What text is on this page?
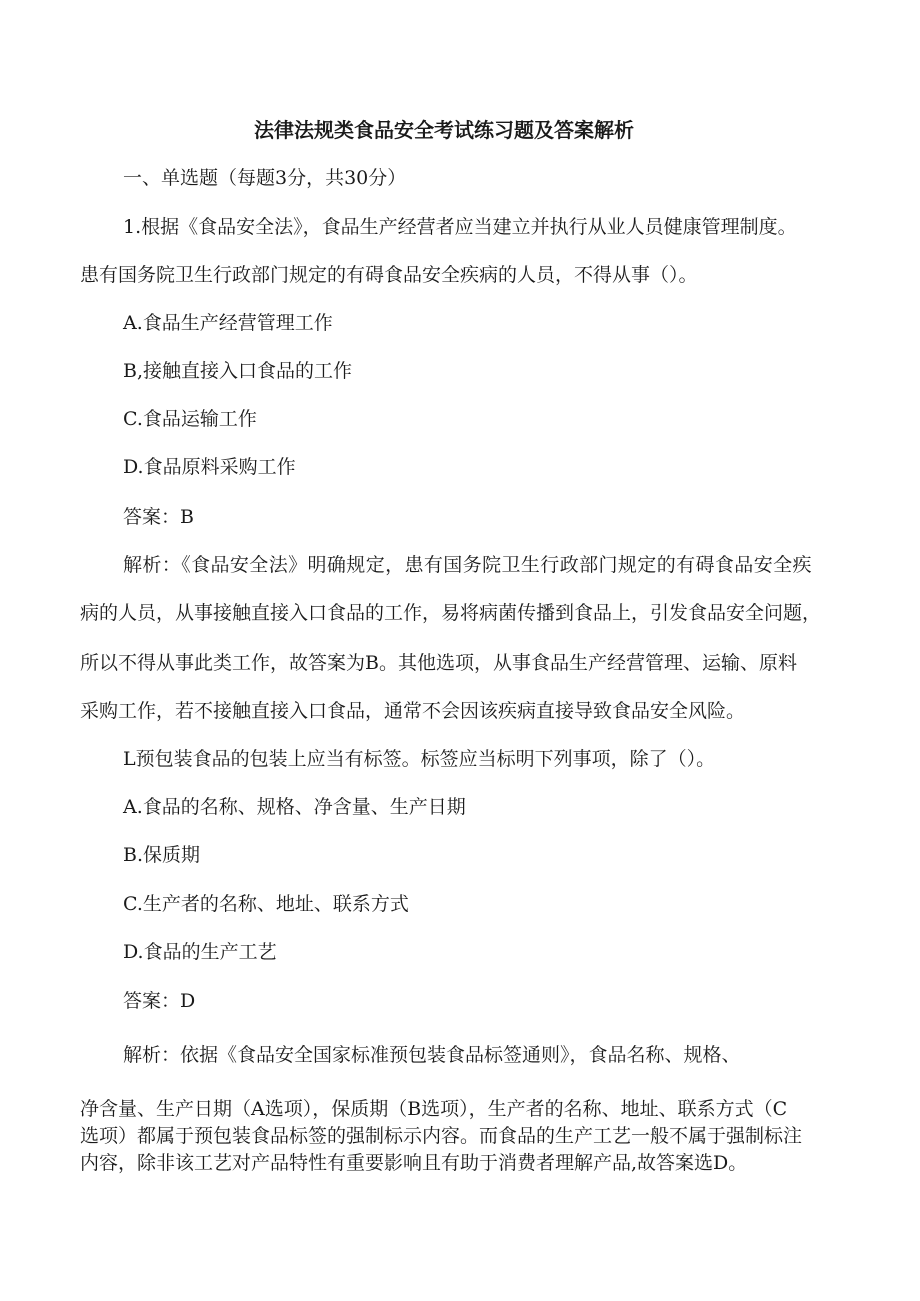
法律法规类食品安全考试练习题及答案解析
一、单选题（每题3分，共30分）
1.根据《食品安全法》，食品生产经营者应当建立并执行从业人员健康管理制度。
患有国务院卫生行政部门规定的有碍食品安全疾病的人员，不得从事（）。
A.食品生产经营管理工作
B,接触直接入口食品的工作
C.食品运输工作
D.食品原料采购工作
答案：B
解析：《食品安全法》明确规定，患有国务院卫生行政部门规定的有碍食品安全疾
病的人员，从事接触直接入口食品的工作，易将病菌传播到食品上，引发食品安全问题，
所以不得从事此类工作，故答案为B。其他选项，从事食品生产经营管理、运输、原料
采购工作，若不接触直接入口食品，通常不会因该疾病直接导致食品安全风险。
L预包装食品的包装上应当有标签。标签应当标明下列事项，除了（）。
A.食品的名称、规格、净含量、生产日期
B.保质期
C.生产者的名称、地址、联系方式
D.食品的生产工艺
答案：D
解析：依据《食品安全国家标准预包装食品标签通则》，食品名称、规格、
净含量、生产日期（A选项），保质期（B选项），生产者的名称、地址、联系方式（C
选项）都属于预包装食品标签的强制标示内容。而食品的生产工艺一般不属于强制标注
内容，除非该工艺对产品特性有重要影响且有助于消费者理解产品,故答案选D。
